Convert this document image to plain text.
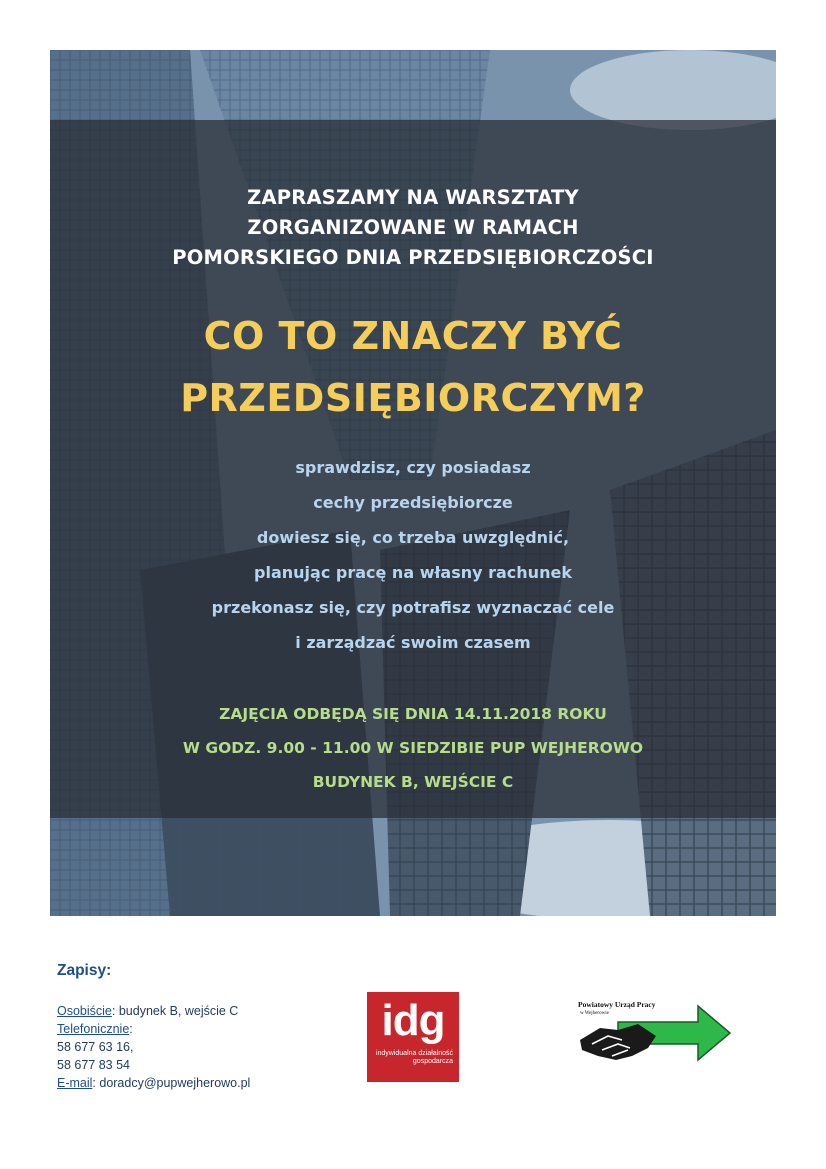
ZAPRASZAMY NA WARSZTATY
ZORGANIZOWANE W RAMACH
POMORSKIEGO DNIA PRZEDSIĘBIORCZOŚCI
CO TO ZNACZY BYĆ
PRZEDSIĘBIORCZYM?
sprawdzisz, czy posiadasz
cechy przedsiębiorcze
dowiesz się, co trzeba uwzględnić,
planując pracę na własny rachunek
przekonasz się, czy potrafisz wyznaczać cele
i zarządzać swoim czasem
ZAJĘCIA ODBĘDĄ SIĘ DNIA 14.11.2018 ROKU
W GODZ. 9.00 - 11.00 W SIEDZIBIE PUP WEJHEROWO
BUDYNEK B, WEJŚCIE C
Zapisy:
Osobiście: budynek B, wejście C
Telefonicznie:
58 677 63 16,
58 677 83 54
E-mail: doradcy@pupwejherowo.pl
idg
indywidualna działalność
gospodarcza
Powiatowy Urząd Pracy
w Wejherowie
